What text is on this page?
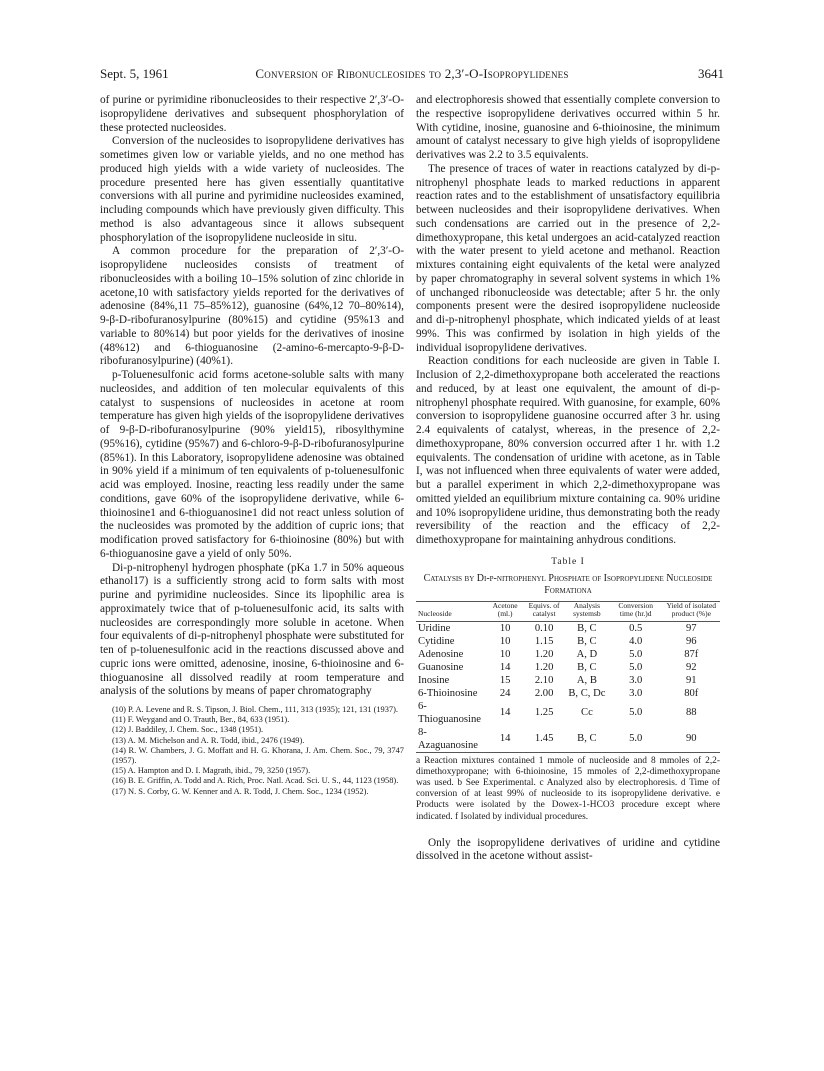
Sept. 5, 1961	Conversion of Ribonucleosides to 2,3′-O-Isopropylidenes	3641

of purine or pyrimidine ribonucleosides to their respective 2′,3′-O-isopropylidene derivatives and subsequent phosphorylation of these protected nucleosides.

Conversion of the nucleosides to isopropylidene derivatives has sometimes given low or variable yields, and no one method has produced high yields with a wide variety of nucleosides. The procedure presented here has given essentially quantitative conversions with all purine and pyrimidine nucleosides examined, including compounds which have previously given difficulty. This method is also advantageous since it allows subsequent phosphorylation of the isopropylidene nucleoside in situ.

A common procedure for the preparation of 2′,3′-O-isopropylidene nucleosides consists of treatment of ribonucleosides with a boiling 10–15% solution of zinc chloride in acetone,10 with satisfactory yields reported for the derivatives of adenosine (84%,11 75–85%12), guanosine (64%,12 70–80%14), 9-β-D-ribofuranosylpurine (80%15) and cytidine (95%13 and variable to 80%14) but poor yields for the derivatives of inosine (48%12) and 6-thioguanosine (2-amino-6-mercapto-9-β-D-ribofuranosylpurine) (40%1).

p-Toluenesulfonic acid forms acetone-soluble salts with many nucleosides, and addition of ten molecular equivalents of this catalyst to suspensions of nucleosides in acetone at room temperature has given high yields of the isopropylidene derivatives of 9-β-D-ribofuranosylpurine (90% yield15), ribosylthymine (95%16), cytidine (95%7) and 6-chloro-9-β-D-ribofuranosylpurine (85%1). In this Laboratory, isopropylidene adenosine was obtained in 90% yield if a minimum of ten equivalents of p-toluenesulfonic acid was employed. Inosine, reacting less readily under the same conditions, gave 60% of the isopropylidene derivative, while 6-thioinosine1 and 6-thioguanosine1 did not react unless solution of the nucleosides was promoted by the addition of cupric ions; that modification proved satisfactory for 6-thioinosine (80%) but with 6-thioguanosine gave a yield of only 50%.

Di-p-nitrophenyl hydrogen phosphate (pKa 1.7 in 50% aqueous ethanol17) is a sufficiently strong acid to form salts with most purine and pyrimidine nucleosides. Since its lipophilic area is approximately twice that of p-toluenesulfonic acid, its salts with nucleosides are correspondingly more soluble in acetone. When four equivalents of di-p-nitrophenyl phosphate were substituted for ten of p-toluenesulfonic acid in the reactions discussed above and cupric ions were omitted, adenosine, inosine, 6-thioinosine and 6-thioguanosine all dissolved readily at room temperature and analysis of the solutions by means of paper chromatography

(10) P. A. Levene and R. S. Tipson, J. Biol. Chem., 111, 313 (1935); 121, 131 (1937).
(11) F. Weygand and O. Trauth, Ber., 84, 633 (1951).
(12) J. Baddiley, J. Chem. Soc., 1348 (1951).
(13) A. M. Michelson and A. R. Todd, ibid., 2476 (1949).
(14) R. W. Chambers, J. G. Moffatt and H. G. Khorana, J. Am. Chem. Soc., 79, 3747 (1957).
(15) A. Hampton and D. I. Magrath, ibid., 79, 3250 (1957).
(16) B. E. Griffin, A. Todd and A. Rich, Proc. Natl. Acad. Sci. U. S., 44, 1123 (1958).
(17) N. S. Corby, G. W. Kenner and A. R. Todd, J. Chem. Soc., 1234 (1952).

and electrophoresis showed that essentially complete conversion to the respective isopropylidene derivatives occurred within 5 hr. With cytidine, inosine, guanosine and 6-thioinosine, the minimum amount of catalyst necessary to give high yields of isopropylidene derivatives was 2.2 to 3.5 equivalents.

The presence of traces of water in reactions catalyzed by di-p-nitrophenyl phosphate leads to marked reductions in apparent reaction rates and to the establishment of unsatisfactory equilibria between nucleosides and their isopropylidene derivatives. When such condensations are carried out in the presence of 2,2-dimethoxypropane, this ketal undergoes an acid-catalyzed reaction with the water present to yield acetone and methanol. Reaction mixtures containing eight equivalents of the ketal were analyzed by paper chromatography in several solvent systems in which 1% of unchanged ribonucleoside was detectable; after 5 hr. the only components present were the desired isopropylidene nucleoside and di-p-nitrophenyl phosphate, which indicated yields of at least 99%. This was confirmed by isolation in high yields of the individual isopropylidene derivatives.

Reaction conditions for each nucleoside are given in Table I. Inclusion of 2,2-dimethoxypropane both accelerated the reactions and reduced, by at least one equivalent, the amount of di-p-nitrophenyl phosphate required. With guanosine, for example, 60% conversion to isopropylidene guanosine occurred after 3 hr. using 2.4 equivalents of catalyst, whereas, in the presence of 2,2-dimethoxypropane, 80% conversion occurred after 1 hr. with 1.2 equivalents. The condensation of uridine with acetone, as in Table I, was not influenced when three equivalents of water were added, but a parallel experiment in which 2,2-dimethoxypropane was omitted yielded an equilibrium mixture containing ca. 90% uridine and 10% isopropylidene uridine, thus demonstrating both the ready reversibility of the reaction and the efficacy of 2,2-dimethoxypropane for maintaining anhydrous conditions.

Table I
Catalysis by Di-p-nitrophenyl Phosphate of Isopropylidene Nucleoside Formationa
Nucleoside	Acetone (ml.)	Equivs. of catalyst	Analysis systemsb	Conversion time (hr.)d	Yield of isolated product (%)e
Uridine	10	0.10	B, C	0.5	97
Cytidine	10	1.15	B, C	4.0	96
Adenosine	10	1.20	A, D	5.0	87f
Guanosine	14	1.20	B, C	5.0	92
Inosine	15	2.10	A, B	3.0	91
6-Thioinosine	24	2.00	B, C, Dc	3.0	80f
6-Thioguanosine	14	1.25	Cc	5.0	88
8-Azaguanosine	14	1.45	B, C	5.0	90
a Reaction mixtures contained 1 mmole of nucleoside and 8 mmoles of 2,2-dimethoxypropane; with 6-thioinosine, 15 mmoles of 2,2-dimethoxypropane was used. b See Experimental. c Analyzed also by electrophoresis. d Time of conversion of at least 99% of nucleoside to its isopropylidene derivative. e Products were isolated by the Dowex-1-HCO3 procedure except where indicated. f Isolated by individual procedures.

Only the isopropylidene derivatives of uridine and cytidine dissolved in the acetone without assist-
